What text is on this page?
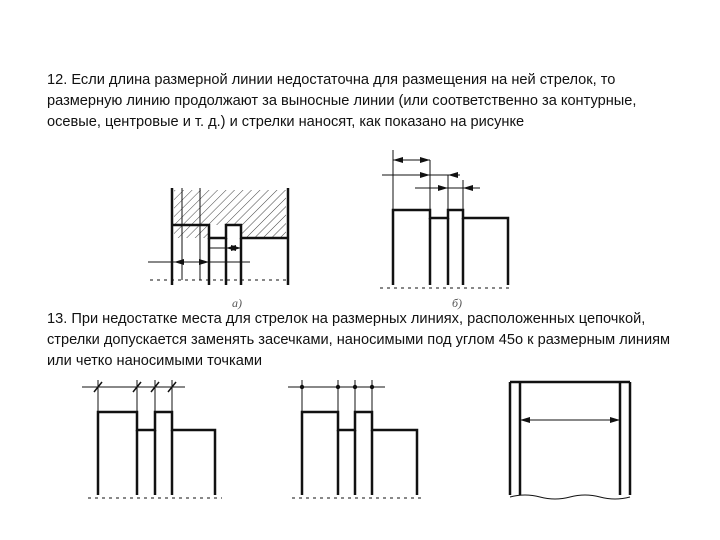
12. Если длина размерной линии недостаточна для размещения на ней стрелок, то размерную линию продолжают за выносные линии (или соответственно за контурные, осевые, центровые и т. д.) и стрелки наносят, как показано на рисунке

13. При недостатке места для стрелок на размерных линиях, расположенных цепочкой, стрелки допускается заменять засечками, наносимыми под углом 45о к размерным линиям или четко наносимыми точками

а)	б)
